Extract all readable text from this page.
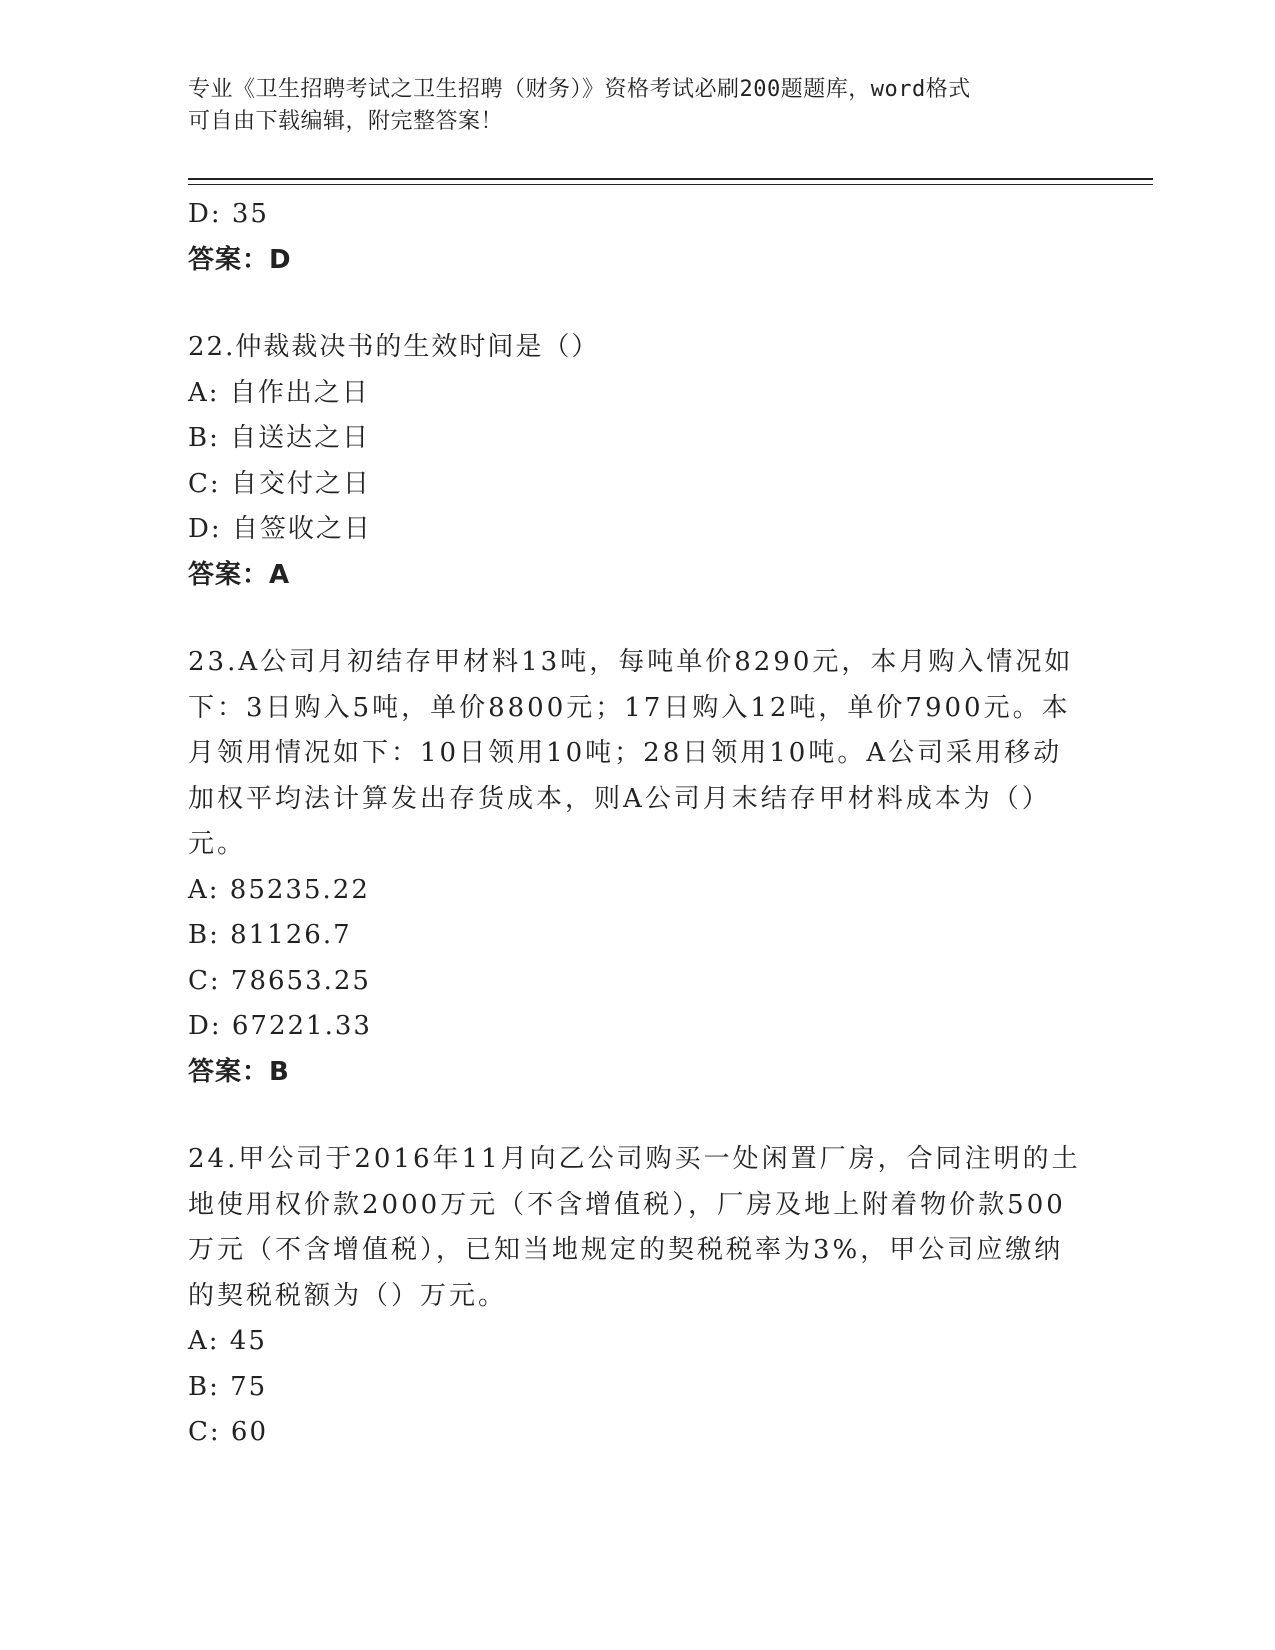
专业《卫生招聘考试之卫生招聘（财务）》资格考试必刷200题题库，word格式
可自由下载编辑，附完整答案！
D: 35
答案：D
22.仲裁裁决书的生效时间是（）
A: 自作出之日
B: 自送达之日
C: 自交付之日
D: 自签收之日
答案：A
23.A公司月初结存甲材料13吨，每吨单价8290元，本月购入情况如
下：3日购入5吨，单价8800元；17日购入12吨，单价7900元。本
月领用情况如下：10日领用10吨；28日领用10吨。A公司采用移动
加权平均法计算发出存货成本，则A公司月末结存甲材料成本为（）
元。
A: 85235.22
B: 81126.7
C: 78653.25
D: 67221.33
答案：B
24.甲公司于2016年11月向乙公司购买一处闲置厂房，合同注明的土
地使用权价款2000万元（不含增值税），厂房及地上附着物价款500
万元（不含增值税），已知当地规定的契税税率为3%，甲公司应缴纳
的契税税额为（）万元。
A: 45
B: 75
C: 60
